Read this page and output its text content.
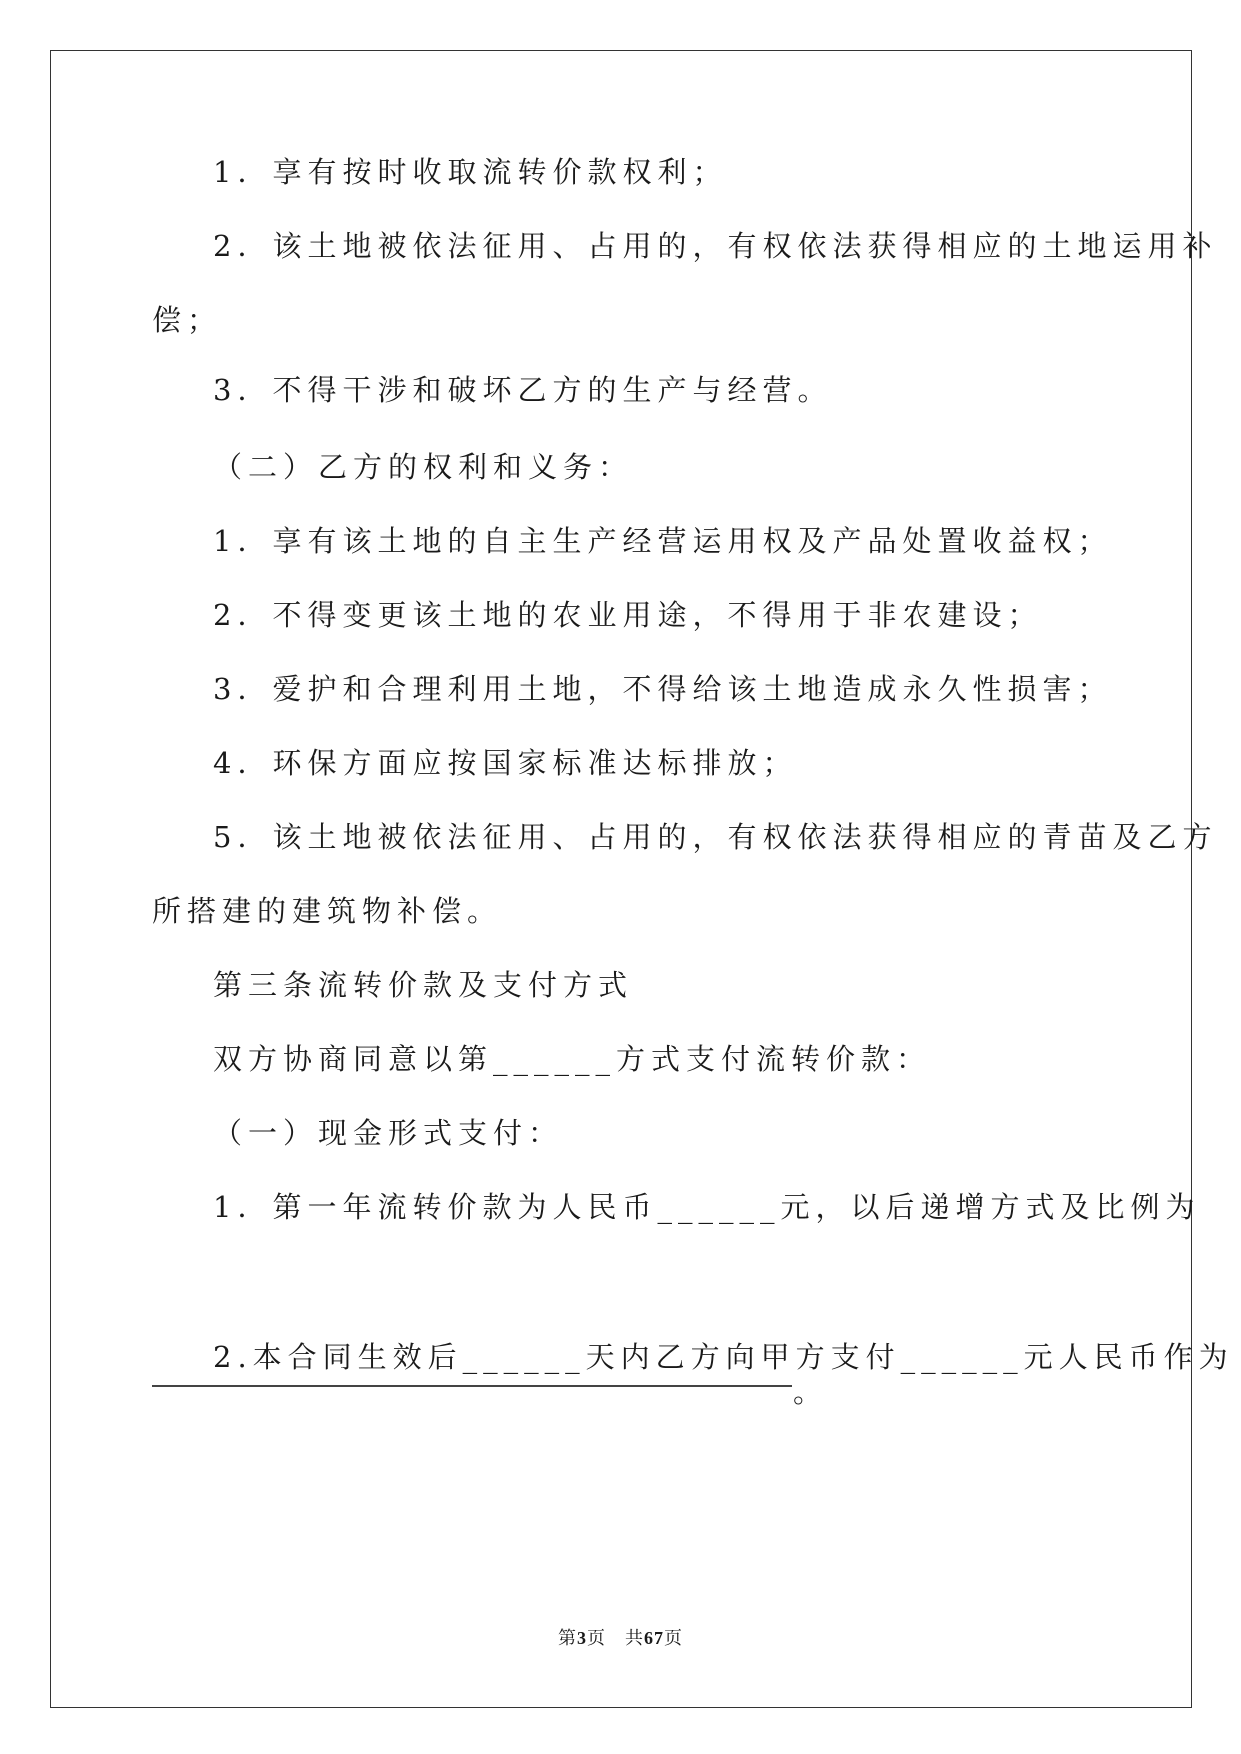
1．享有按时收取流转价款权利；
2．该土地被依法征用、占用的，有权依法获得相应的土地运用补
偿；
3．不得干涉和破坏乙方的生产与经营。
（二）乙方的权利和义务：
1．享有该土地的自主生产经营运用权及产品处置收益权；
2．不得变更该土地的农业用途，不得用于非农建设；
3．爱护和合理利用土地，不得给该土地造成永久性损害；
4．环保方面应按国家标准达标排放；
5．该土地被依法征用、占用的，有权依法获得相应的青苗及乙方
所搭建的建筑物补偿。
第三条流转价款及支付方式
双方协商同意以第______方式支付流转价款：
（一）现金形式支付：
1．第一年流转价款为人民币______元，以后递增方式及比例为
。
2.本合同生效后______天内乙方向甲方支付______元人民币作为
第3页　共67页
